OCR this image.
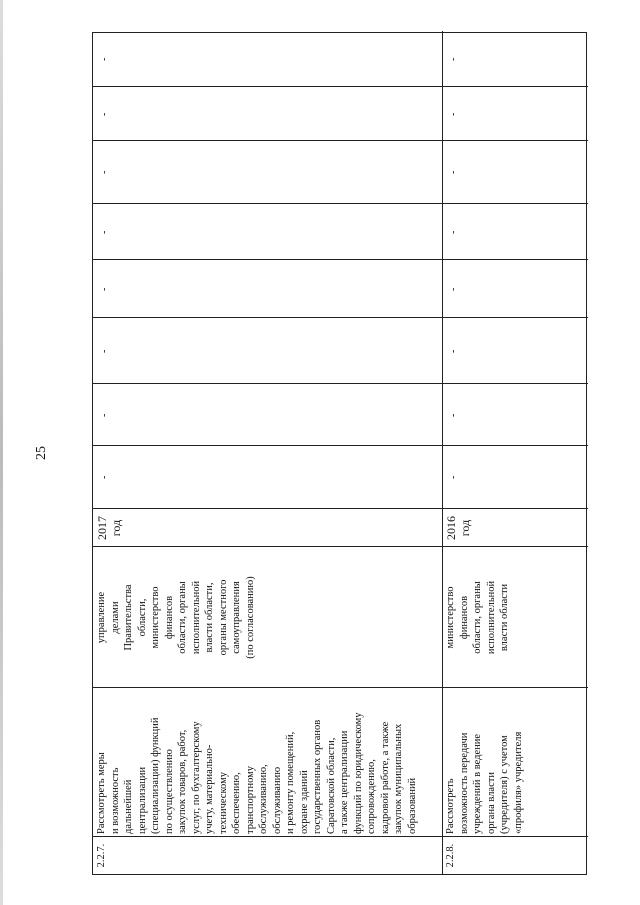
25
2.2.7.
Рассмотреть меры
и возможность
дальнейшей
централизации
(специализации) функций
по осуществлению
закупок товаров, работ,
услуг, по бухгалтерскому
учету, материально-
техническому
обеспечению,
транспортному
обслуживанию,
обслуживанию
и ремонту помещений,
охране зданий
государственных органов
Саратовской области,
а также централизации
функций по юридическому
сопровождению,
кадровой работе, а также
закупок муниципальных
образований
управление
делами
Правительства
области,
министерство
финансов
области, органы
исполнительной
власти области,
органы местного
самоуправления
(по согласованию)
2017
год
-
-
-
-
-
-
-
-
2.2.8.
Рассмотреть
возможность передачи
учреждений в ведение
органа власти
(учредителя) с учетом
«профиля» учредителя
министерство
финансов
области, органы
исполнительной
власти области
2016
год
-
-
-
-
-
-
-
-
